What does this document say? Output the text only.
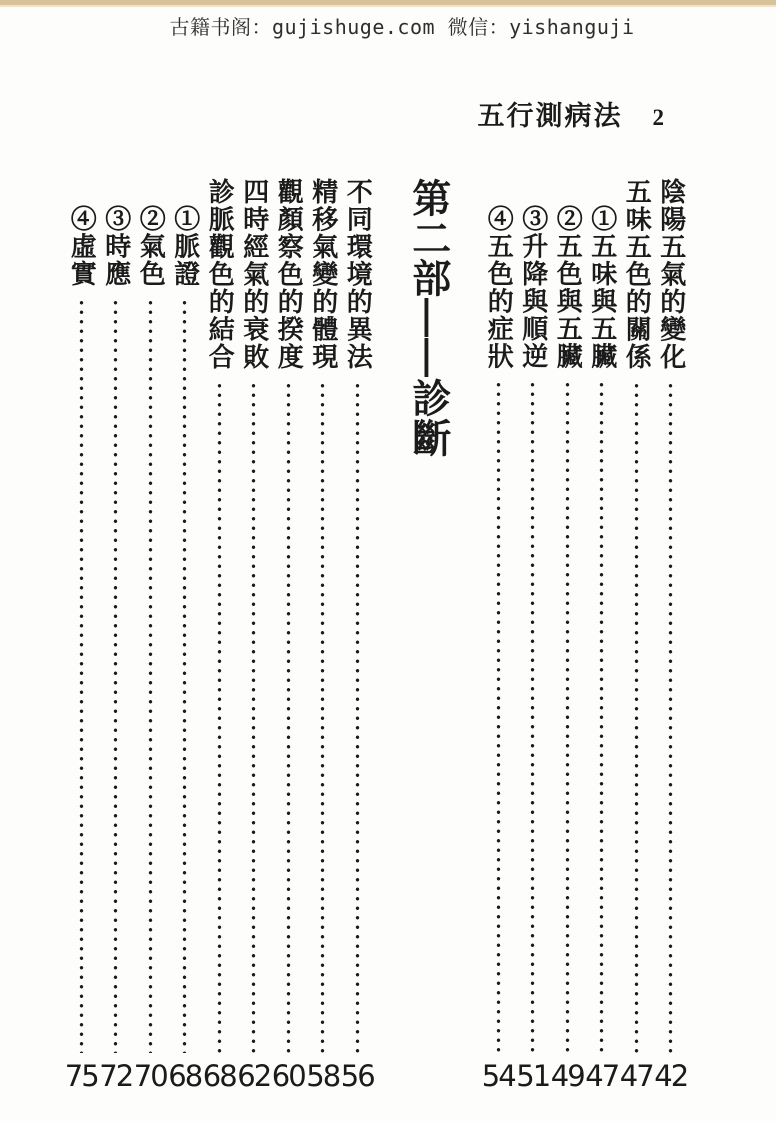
古籍书阁：gujishuge.com 微信：yishanguji
五行測病法 2
④虛實
75
③時應
72
②氣色
70
①脈證
68
診脈觀色的結合
68
四時經氣的衰敗
62
觀顏察色的揆度
60
精移氣變的體現
58
不同環境的異法
56
第二部——診斷 ④五色的症狀
54
③升降與順逆
51
②五色與五臟
49
①五味與五臟
47
五味五色的關係
47
陰陽五氣的變化
42
